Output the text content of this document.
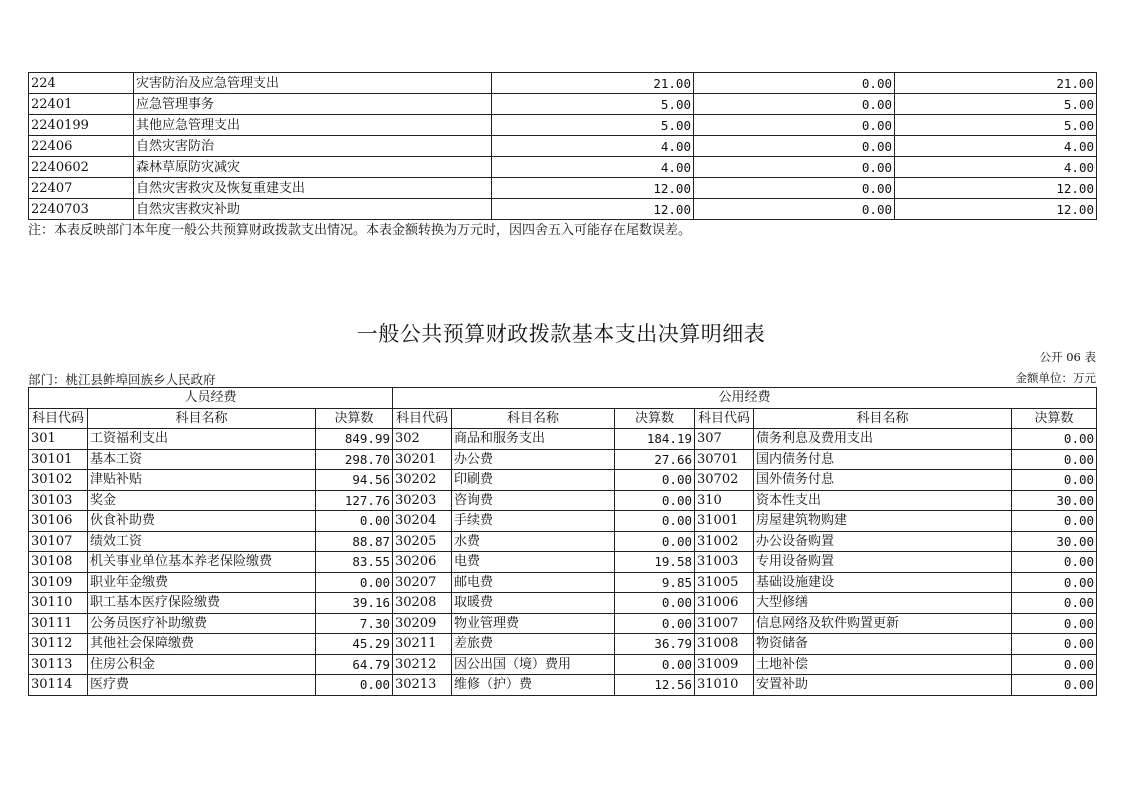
224	灾害防治及应急管理支出	21.00	0.00	21.00
22401	应急管理事务	5.00	0.00	5.00
2240199	其他应急管理支出	5.00	0.00	5.00
22406	自然灾害防治	4.00	0.00	4.00
2240602	森林草原防灾减灾	4.00	0.00	4.00
22407	自然灾害救灾及恢复重建支出	12.00	0.00	12.00
2240703	自然灾害救灾补助	12.00	0.00	12.00
注：本表反映部门本年度一般公共预算财政拨款支出情况。本表金额转换为万元时，因四舍五入可能存在尾数误差。
一般公共预算财政拨款基本支出决算明细表
公开 06 表
部门：桃江县鲊埠回族乡人民政府	金额单位：万元
人员经费			公用经费					
科目代码	科目名称	决算数	科目代码	科目名称	决算数	科目代码	科目名称	决算数
301	工资福利支出	849.99	302	商品和服务支出	184.19	307	债务利息及费用支出	0.00
30101	基本工资	298.70	30201	办公费	27.66	30701	国内债务付息	0.00
30102	津贴补贴	94.56	30202	印刷费	0.00	30702	国外债务付息	0.00
30103	奖金	127.76	30203	咨询费	0.00	310	资本性支出	30.00
30106	伙食补助费	0.00	30204	手续费	0.00	31001	房屋建筑物购建	0.00
30107	绩效工资	88.87	30205	水费	0.00	31002	办公设备购置	30.00
30108	机关事业单位基本养老保险缴费	83.55	30206	电费	19.58	31003	专用设备购置	0.00
30109	职业年金缴费	0.00	30207	邮电费	9.85	31005	基础设施建设	0.00
30110	职工基本医疗保险缴费	39.16	30208	取暖费	0.00	31006	大型修缮	0.00
30111	公务员医疗补助缴费	7.30	30209	物业管理费	0.00	31007	信息网络及软件购置更新	0.00
30112	其他社会保障缴费	45.29	30211	差旅费	36.79	31008	物资储备	0.00
30113	住房公积金	64.79	30212	因公出国（境）费用	0.00	31009	土地补偿	0.00
30114	医疗费	0.00	30213	维修（护）费	12.56	31010	安置补助	0.00
